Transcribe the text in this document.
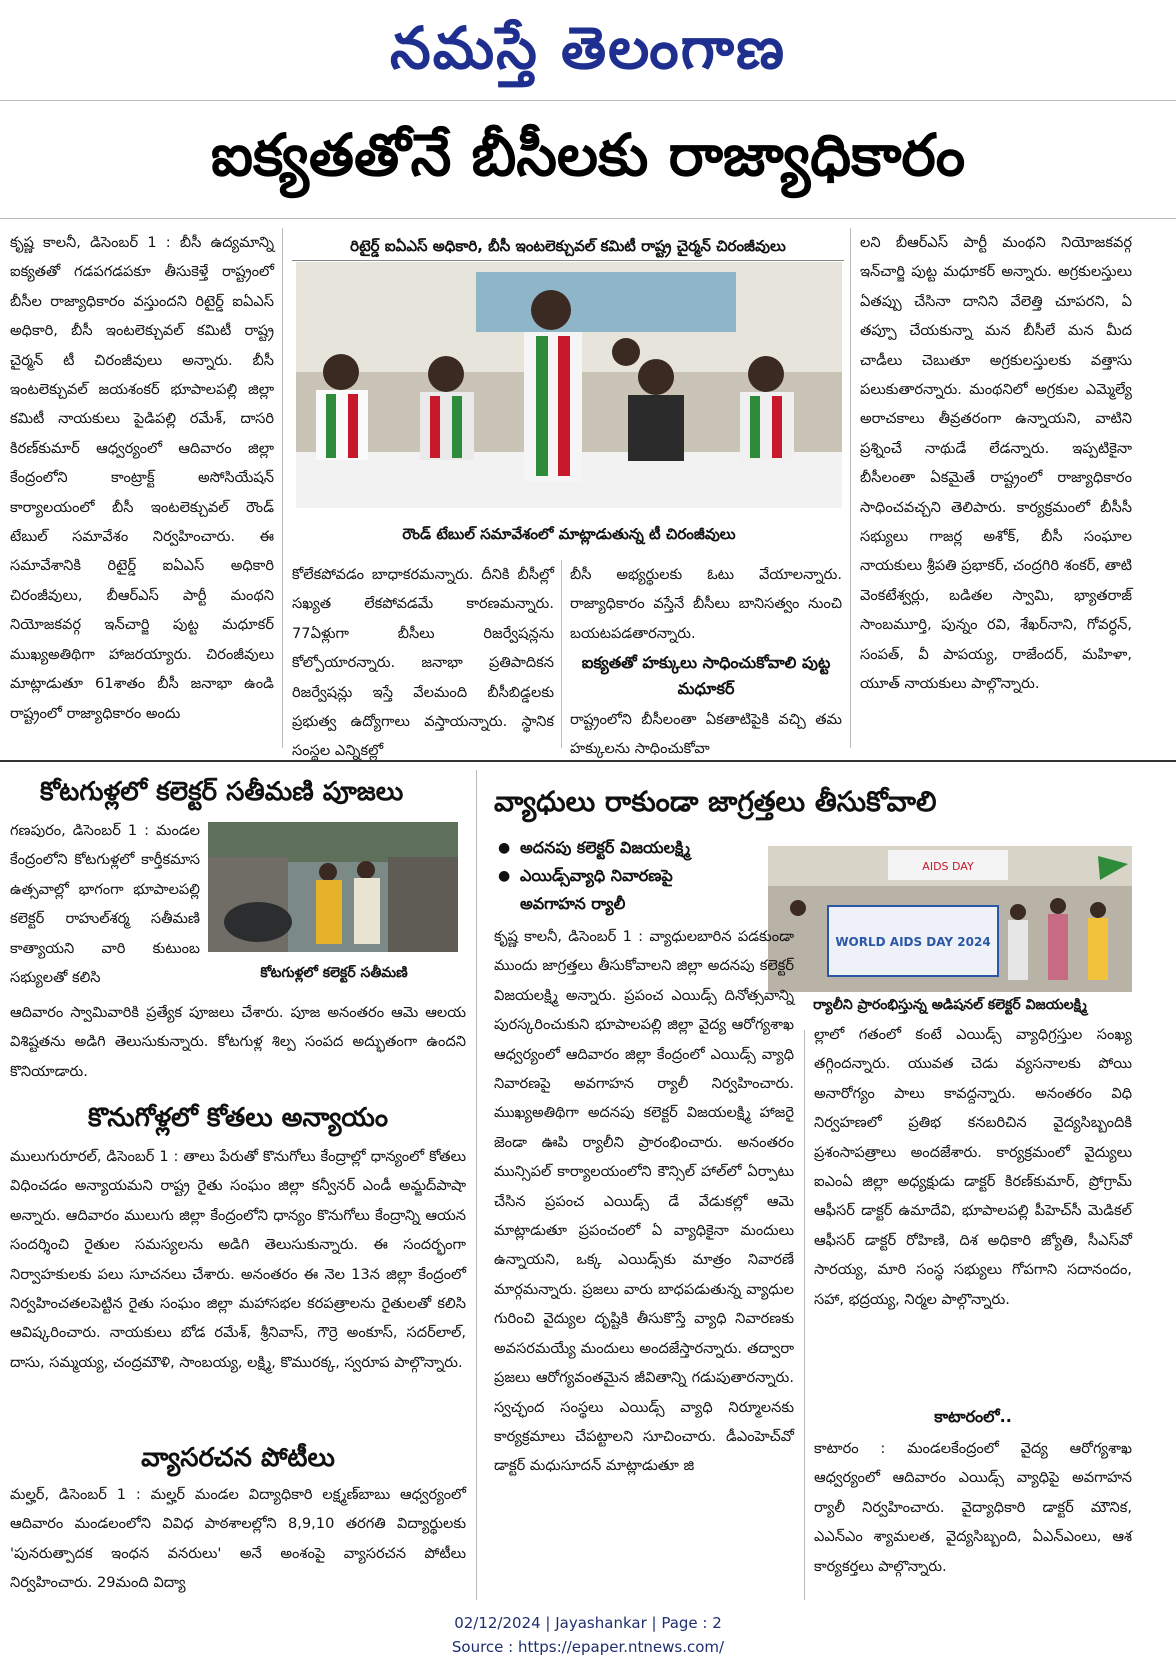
నమస్తే తెలంగాణ
ఐక్యతతోనే బీసీలకు రాజ్యాధికారం

కృష్ణ కాలనీ, డిసెంబర్ 1 : బీసీ ఉద్యమాన్ని ఐక్యతతో గడపగడపకూ తీసుకెళ్తే రాష్ట్రంలో బీసీల రాజ్యాధికారం వస్తుందని రిటైర్డ్ ఐఏఎస్ అధికారి, బీసీ ఇంటలెక్చువల్ కమిటీ రాష్ట్ర చైర్మన్ టీ చిరంజీవులు అన్నారు. బీసీ ఇంటలెక్చువల్ జయశంకర్ భూపాలపల్లి జిల్లా కమిటీ నాయకులు పైడిపల్లి రమేశ్, దాసరి కిరణ్‌కుమార్ ఆధ్వర్యంలో ఆదివారం జిల్లా కేంద్రంలోని కాంట్రాక్ట్ అసోసియేషన్ కార్యాలయంలో బీసీ ఇంటలెక్చువల్ రౌండ్ టేబుల్ సమావేశం నిర్వహించారు. ఈ సమావేశానికి రిటైర్డ్ ఐఏఎస్ అధికారి చిరంజీవులు, బీఆర్ఎస్ పార్టీ మంథని నియోజకవర్గ ఇన్‌చార్జి పుట్ట మధూకర్ ముఖ్యఅతిథిగా హాజరయ్యారు. చిరంజీవులు మాట్లాడుతూ 61శాతం బీసీ జనాభా ఉండి రాష్ట్రంలో రాజ్యాధికారం అందు

రిటైర్డ్ ఐఏఎస్ అధికారి, బీసీ ఇంటలెక్చువల్ కమిటీ రాష్ట్ర చైర్మన్ చిరంజీవులు
రౌండ్ టేబుల్ సమావేశంలో మాట్లాడుతున్న టీ చిరంజీవులు

కోలేకపోవడం బాధాకరమన్నారు. దీనికి బీసీల్లో సఖ్యత లేకపోవడమే కారణమన్నారు. 77ఏళ్లుగా బీసీలు రిజర్వేషన్లను కోల్పోయారన్నారు. జనాభా ప్రతిపాదికన రిజర్వేషన్లు ఇస్తే వేలమంది బీసీబిడ్డలకు ప్రభుత్వ ఉద్యోగాలు వస్తాయన్నారు. స్థానిక సంస్థల ఎన్నికల్లో

బీసీ అభ్యర్థులకు ఓటు వేయాలన్నారు. రాజ్యాధికారం వస్తేనే బీసీలు బానిసత్వం నుంచి బయటపడతారన్నారు.

ఐక్యతతో హక్కులు సాధించుకోవాలి పుట్ట మధూకర్

రాష్ట్రంలోని బీసీలంతా ఏకతాటిపైకి వచ్చి తమ హక్కులను సాధించుకోవా

లని బీఆర్ఎస్ పార్టీ మంథని నియోజకవర్గ ఇన్‌చార్జి పుట్ట మధూకర్ అన్నారు. అగ్రకులస్తులు ఏతప్పు చేసినా దానిని వేలెత్తి చూపరని, ఏ తప్పూ చేయకున్నా మన బీసీలే మన మీద చాడీలు చెబుతూ అగ్రకులస్తులకు వత్తాసు పలుకుతారన్నారు. మంథనిలో అగ్రకుల ఎమ్మెల్యే అరాచకాలు తీవ్రతరంగా ఉన్నాయని, వాటిని ప్రశ్నించే నాథుడే లేడన్నారు. ఇప్పటికైనా బీసీలంతా ఏకమైతే రాష్ట్రంలో రాజ్యాధికారం సాధించవచ్చని తెలిపారు. కార్యక్రమంలో బీసీసీ సభ్యులు గాజర్ల అశోక్, బీసీ సంఘాల నాయకులు శ్రీపతి ప్రభాకర్, చంద్రగిరి శంకర్, తాటి వెంకటేశ్వర్లు, బడితల స్వామి, భ్యాతరాజ్ సాంబమూర్తి, పున్నం రవి, శేఖర్‌నాని, గోవర్ధన్, సంపత్, వీ పాపయ్య, రాజేందర్, మహిళా, యూత్ నాయకులు పాల్గొన్నారు.

కోటగుళ్లలో కలెక్టర్ సతీమణి పూజలు

గణపురం, డిసెంబర్ 1 : మండల కేంద్రంలోని కోటగుళ్లలో కార్తీకమాస ఉత్సవాల్లో భాగంగా భూపాలపల్లి కలెక్టర్ రాహుల్‌శర్మ సతీమణి కాత్యాయని వారి కుటుంబ సభ్యులతో కలిసి	కోటగుళ్లలో కలెక్టర్ సతీమణి

ఆదివారం స్వామివారికి ప్రత్యేక పూజలు చేశారు. పూజ అనంతరం ఆమె ఆలయ విశిష్టతను అడిగి తెలుసుకున్నారు. కోటగుళ్ల శిల్ప సంపద అద్భుతంగా ఉందని కొనియాడారు.

కొనుగోళ్లలో కోతలు అన్యాయం

ములుగురూరల్, డిసెంబర్ 1 : తాలు పేరుతో కొనుగోలు కేంద్రాల్లో ధాన్యంలో కోతలు విధించడం అన్యాయమని రాష్ట్ర రైతు సంఘం జిల్లా కన్వీనర్ ఎండీ అమ్జద్‌పాషా అన్నారు. ఆదివారం ములుగు జిల్లా కేంద్రంలోని ధాన్యం కొనుగోలు కేంద్రాన్ని ఆయన సందర్శించి రైతుల సమస్యలను అడిగి తెలుసుకున్నారు. ఈ సందర్భంగా నిర్వాహకులకు పలు సూచనలు చేశారు. అనంతరం ఈ నెల 13న జిల్లా కేంద్రంలో నిర్వహించతలపెట్టిన రైతు సంఘం జిల్లా మహాసభల కరపత్రాలను రైతులతో కలిసి ఆవిష్కరించారు. నాయకులు బోడ రమేశ్, శ్రీనివాస్, గౌర్రె అంకూస్, సదర్‌లాల్, దాసు, సమ్మయ్య, చంద్రమౌళి, సాంబయ్య, లక్ష్మి, కొమురక్క, స్వరూప పాల్గొన్నారు.

వ్యాసరచన పోటీలు

మల్హర్, డిసెంబర్ 1 : మల్హర్ మండల విద్యాధికారి లక్ష్మణ్‌బాబు ఆధ్వర్యంలో ఆదివారం మండలంలోని వివిధ పాఠశాలల్లోని 8,9,10 తరగతి విద్యార్థులకు 'పునరుత్పాదక ఇంధన వనరులు' అనే అంశంపై వ్యాసరచన పోటీలు నిర్వహించారు. 29మంది విద్యా

వ్యాధులు రాకుండా జాగ్రత్తలు తీసుకోవాలి
● అదనపు కలెక్టర్ విజయలక్ష్మి
● ఎయిడ్స్‌వ్యాధి నివారణపై అవగాహన ర్యాలీ
AIDS DAY
WORLD AIDS DAY 2024
ర్యాలీని ప్రారంభిస్తున్న అడిషనల్ కలెక్టర్ విజయలక్ష్మి

కృష్ణ కాలనీ, డిసెంబర్ 1 : వ్యాధులబారిన పడకుండా ముందు జాగ్రత్తలు తీసుకోవాలని జిల్లా అదనపు కలెక్టర్ విజయలక్ష్మి అన్నారు. ప్రపంచ ఎయిడ్స్ దినోత్సవాన్ని పురస్కరించుకుని భూపాలపల్లి జిల్లా వైద్య ఆరోగ్యశాఖ ఆధ్వర్యంలో ఆదివారం జిల్లా కేంద్రంలో ఎయిడ్స్ వ్యాధి నివారణపై అవగాహన ర్యాలీ నిర్వహించారు. ముఖ్యఅతిథిగా అదనపు కలెక్టర్ విజయలక్ష్మి హాజరై జెండా ఊపి ర్యాలీని ప్రారంభించారు. అనంతరం మున్సిపల్ కార్యాలయంలోని కౌన్సిల్ హాల్‌లో ఏర్పాటు చేసిన ప్రపంచ ఎయిడ్స్ డే వేడుకల్లో ఆమె మాట్లాడుతూ ప్రపంచంలో ఏ వ్యాధికైనా మందులు ఉన్నాయని, ఒక్క ఎయిడ్స్‌కు మాత్రం నివారణే మార్గమన్నారు. ప్రజలు వారు బాధపడుతున్న వ్యాధుల గురించి వైద్యుల దృష్టికి తీసుకొస్తే వ్యాధి నివారణకు అవసరమయ్యే మందులు అందజేస్తారన్నారు. తద్వారా ప్రజలు ఆరోగ్యవంతమైన జీవితాన్ని గడుపుతారన్నారు. స్వచ్ఛంద సంస్థలు ఎయిడ్స్ వ్యాధి నిర్మూలనకు కార్యక్రమాలు చేపట్టాలని సూచించారు. డీఎంహెచ్‌వో డాక్టర్ మధుసూదన్ మాట్లాడుతూ జి

ల్లాలో గతంలో కంటే ఎయిడ్స్ వ్యాధిగ్రస్తుల సంఖ్య తగ్గిందన్నారు. యువత చెడు వ్యసనాలకు పోయి అనారోగ్యం పాలు కావద్దన్నారు. అనంతరం విధి నిర్వహణలో ప్రతిభ కనబరిచిన వైద్యసిబ్బందికి ప్రశంసాపత్రాలు అందజేశారు. కార్యక్రమంలో వైద్యులు ఐఎంఏ జిల్లా అధ్యక్షుడు డాక్టర్ కిరణ్‌కుమార్, ప్రోగ్రామ్ ఆఫీసర్ డాక్టర్ ఉమాదేవి, భూపాలపల్లి పీహెచ్‌సీ మెడికల్ ఆఫీసర్ డాక్టర్ రోహిణి, దిశ అధికారి జ్యోతి, సీఎస్‌వో సారయ్య, మారి సంస్థ సభ్యులు గోపగాని సదానందం, సహా, భద్రయ్య, నిర్మల పాల్గొన్నారు.

కాటారంలో..

కాటారం : మండలకేంద్రంలో వైద్య ఆరోగ్యశాఖ ఆధ్వర్యంలో ఆదివారం ఎయిడ్స్ వ్యాధిపై అవగాహన ర్యాలీ నిర్వహించారు. వైద్యాధికారి డాక్టర్ మౌనిక, ఎఎన్ఎం శ్యామలత, వైద్యసిబ్బంది, ఏఎన్ఎంలు, ఆశ కార్యకర్తలు పాల్గొన్నారు.

02/12/2024 | Jayashankar | Page : 2
Source : https://epaper.ntnews.com/
